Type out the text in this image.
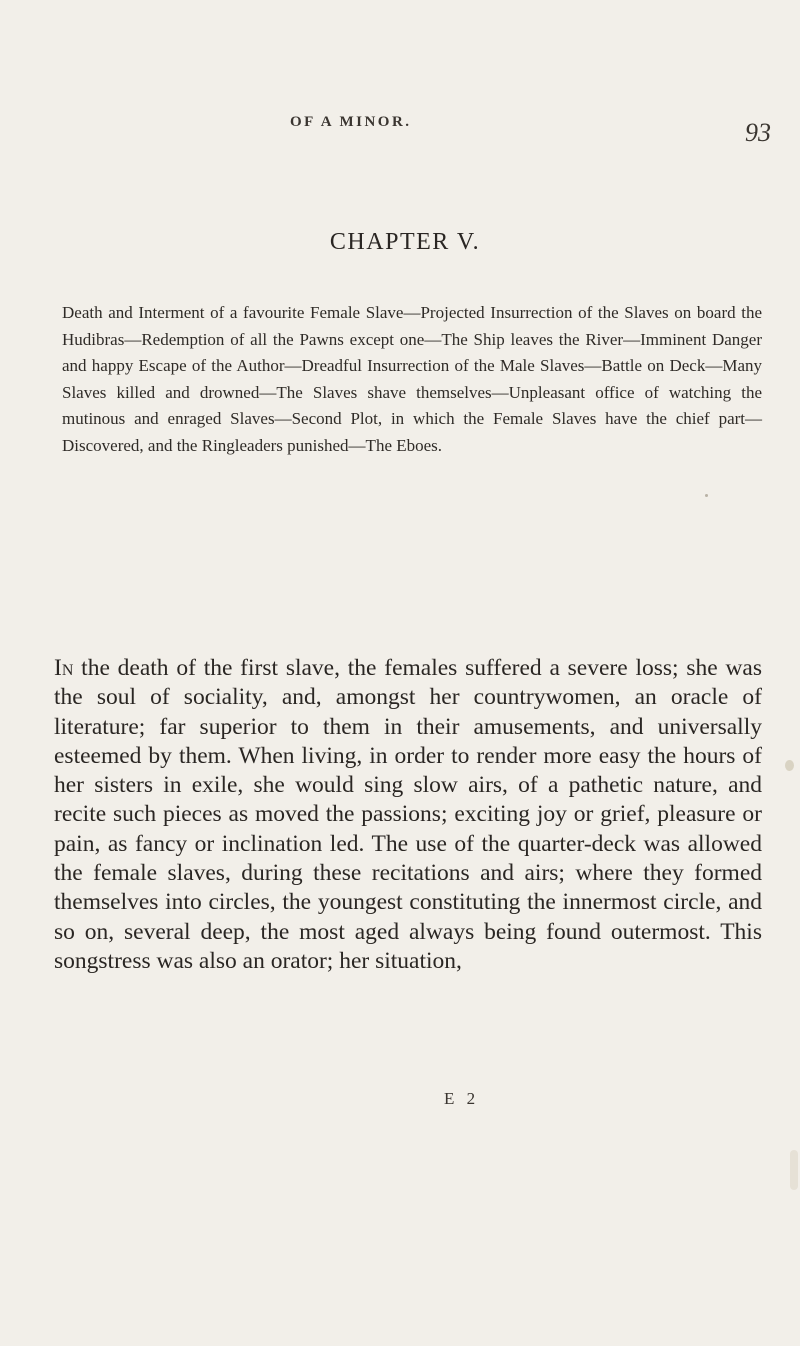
OF A MINOR.	93
CHAPTER V.
Death and Interment of a favourite Female Slave—Projected Insurrection of the Slaves on board the Hudibras—Redemption of all the Pawns except one—The Ship leaves the River—Imminent Danger and happy Escape of the Author—Dreadful Insurrection of the Male Slaves—Battle on Deck—Many Slaves killed and drowned—The Slaves shave themselves—Unpleasant office of watching the mutinous and enraged Slaves—Second Plot, in which the Female Slaves have the chief part—Discovered, and the Ringleaders punished—The Eboes.
In the death of the first slave, the females suffered a severe loss; she was the soul of sociality, and, amongst her countrywomen, an oracle of literature; far superior to them in their amusements, and universally esteemed by them. When living, in order to render more easy the hours of her sisters in exile, she would sing slow airs, of a pathetic nature, and recite such pieces as moved the passions; exciting joy or grief, pleasure or pain, as fancy or inclination led. The use of the quarter-deck was allowed the female slaves, during these recitations and airs; where they formed themselves into circles, the youngest constituting the innermost circle, and so on, several deep, the most aged always being found outermost. This songstress was also an orator; her situation,
E 2
